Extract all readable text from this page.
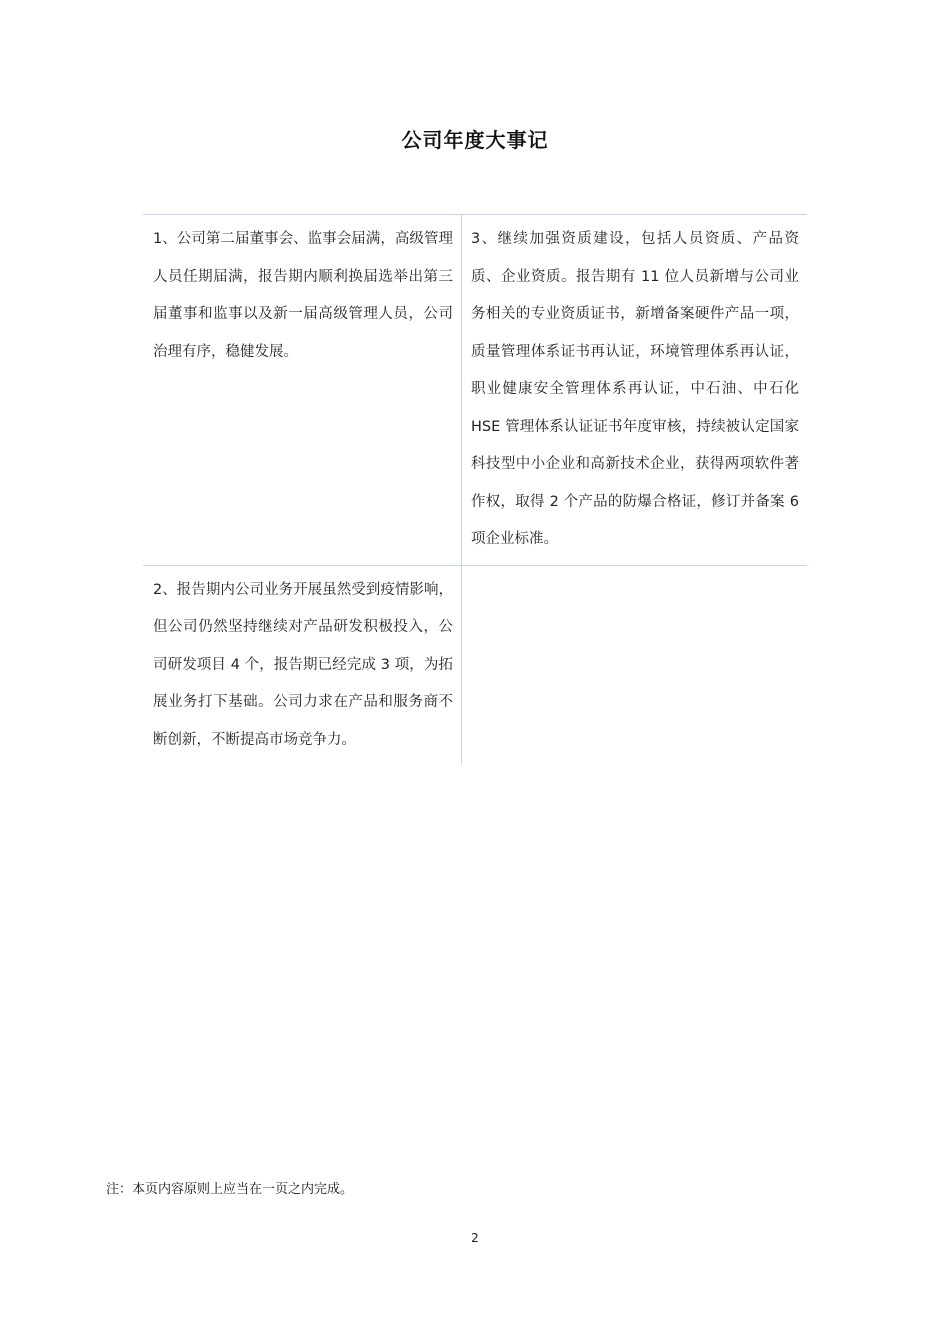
公司年度大事记
1、公司第二届董事会、监事会届满，高级管理人员任期届满，报告期内顺利换届选举出第三届董事和监事以及新一届高级管理人员，公司治理有序，稳健发展。
3、继续加强资质建设，包括人员资质、产品资质、企业资质。报告期有 11 位人员新增与公司业务相关的专业资质证书，新增备案硬件产品一项，质量管理体系证书再认证，环境管理体系再认证，职业健康安全管理体系再认证，中石油、中石化 HSE 管理体系认证证书年度审核，持续被认定国家科技型中小企业和高新技术企业，获得两项软件著作权，取得 2 个产品的防爆合格证，修订并备案 6 项企业标准。
2、报告期内公司业务开展虽然受到疫情影响，但公司仍然坚持继续对产品研发积极投入，公司研发项目 4 个，报告期已经完成 3 项，为拓展业务打下基础。公司力求在产品和服务商不断创新，不断提高市场竞争力。
注：本页内容原则上应当在一页之内完成。
2
